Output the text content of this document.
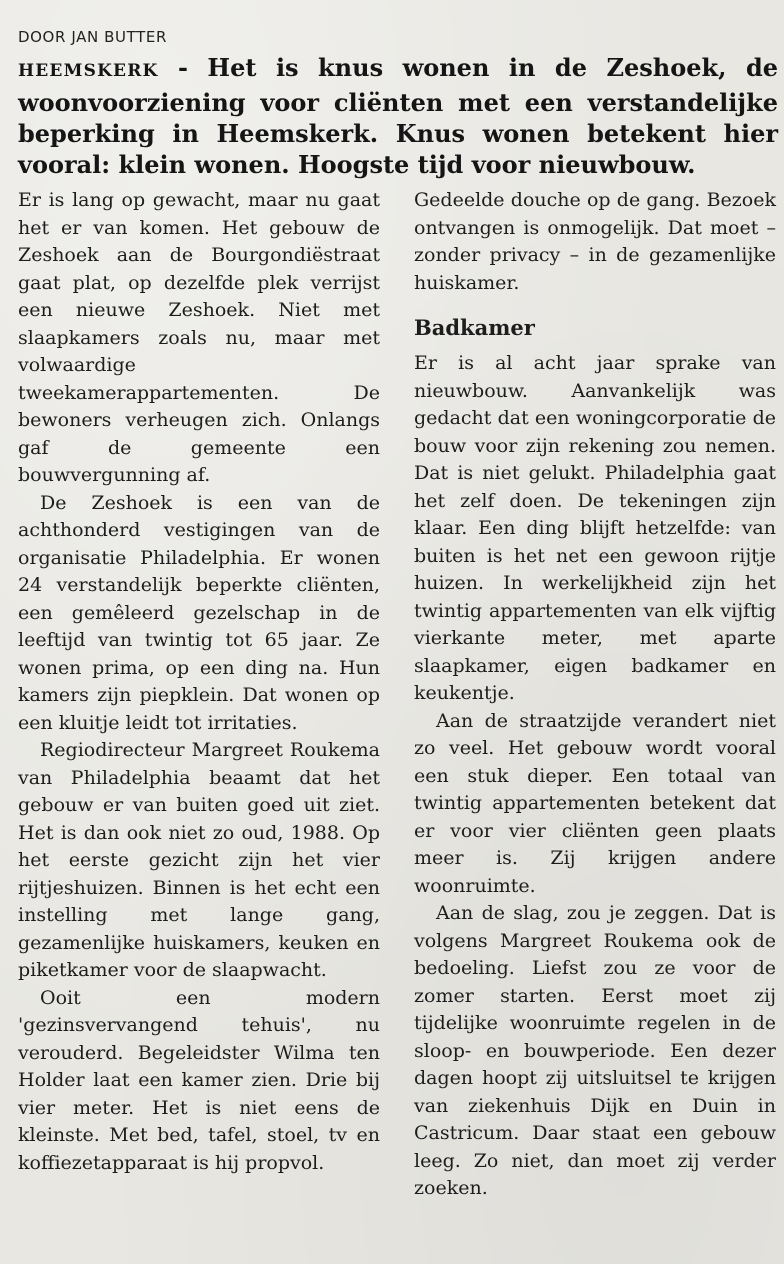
DOOR JAN BUTTER
HEEMSKERK - Het is knus wonen in de Zeshoek, de woonvoorziening voor cliënten met een verstandelijke beperking in Heemskerk. Knus wonen betekent hier vooral: klein wonen. Hoogste tijd voor nieuwbouw.

Er is lang op gewacht, maar nu gaat het er van komen. Het gebouw de Zeshoek aan de Bourgondiëstraat gaat plat, op dezelfde plek verrijst een nieuwe Zeshoek. Niet met slaapkamers zoals nu, maar met volwaardige tweekamerappartementen. De bewoners verheugen zich. Onlangs gaf de gemeente een bouwvergunning af.

De Zeshoek is een van de achthonderd vestigingen van de organisatie Philadelphia. Er wonen 24 verstandelijk beperkte cliënten, een gemêleerd gezelschap in de leeftijd van twintig tot 65 jaar. Ze wonen prima, op een ding na. Hun kamers zijn piepklein. Dat wonen op een kluitje leidt tot irritaties.

Regiodirecteur Margreet Roukema van Philadelphia beaamt dat het gebouw er van buiten goed uit ziet. Het is dan ook niet zo oud, 1988. Op het eerste gezicht zijn het vier rijtjeshuizen. Binnen is het echt een instelling met lange gang, gezamenlijke huiskamers, keuken en piketkamer voor de slaapwacht.

Ooit een modern 'gezinsvervangend tehuis', nu verouderd. Begeleidster Wilma ten Holder laat een kamer zien. Drie bij vier meter. Het is niet eens de kleinste. Met bed, tafel, stoel, tv en koffiezetapparaat is hij propvol.

Gedeelde douche op de gang. Bezoek ontvangen is onmogelijk. Dat moet – zonder privacy – in de gezamenlijke huiskamer.

Badkamer

Er is al acht jaar sprake van nieuwbouw. Aanvankelijk was gedacht dat een woningcorporatie de bouw voor zijn rekening zou nemen. Dat is niet gelukt. Philadelphia gaat het zelf doen. De tekeningen zijn klaar. Een ding blijft hetzelfde: van buiten is het net een gewoon rijtje huizen. In werkelijkheid zijn het twintig appartementen van elk vijftig vierkante meter, met aparte slaapkamer, eigen badkamer en keukentje.

Aan de straatzijde verandert niet zo veel. Het gebouw wordt vooral een stuk dieper. Een totaal van twintig appartementen betekent dat er voor vier cliënten geen plaats meer is. Zij krijgen andere woonruimte.

Aan de slag, zou je zeggen. Dat is volgens Margreet Roukema ook de bedoeling. Liefst zou ze voor de zomer starten. Eerst moet zij tijdelijke woonruimte regelen in de sloop- en bouwperiode. Een dezer dagen hoopt zij uitsluitsel te krijgen van ziekenhuis Dijk en Duin in Castricum. Daar staat een gebouw leeg. Zo niet, dan moet zij verder zoeken.
